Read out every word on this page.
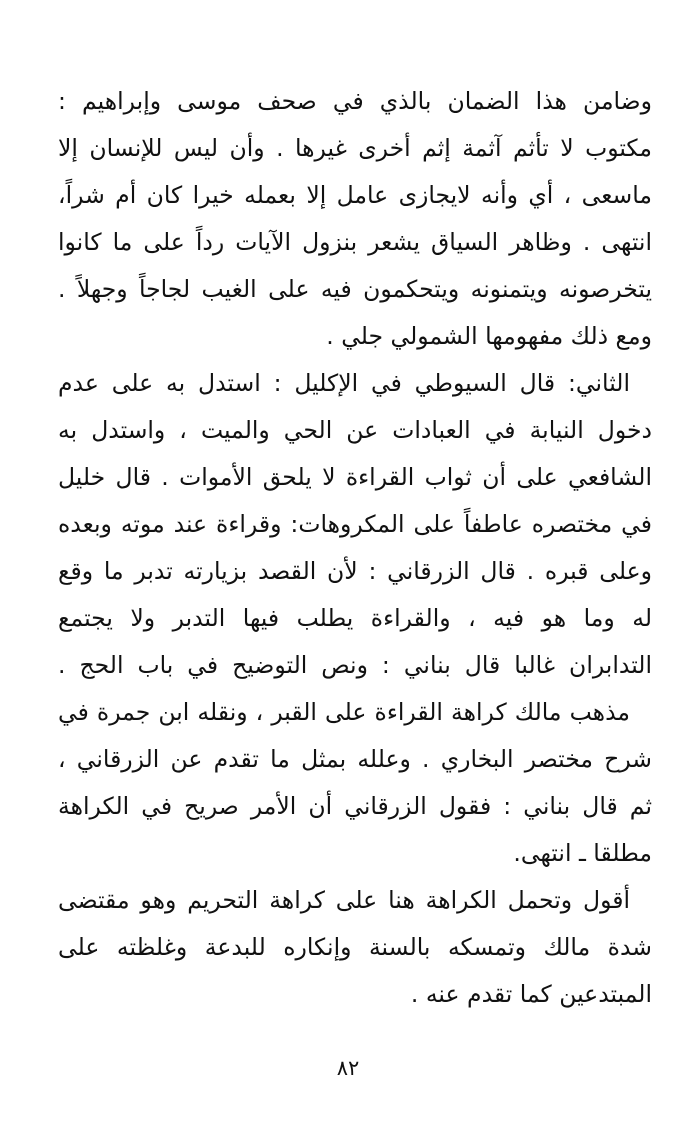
وضامن هذا الضمان بالذي في صحف موسى وإبراهيم :
مكتوب لا تأثم آثمة إثم أخرى غيرها . وأن ليس للإنسان إلا
ماسعى ، أي وأنه لايجازى عامل إلا بعمله خيرا كان أم شراً،
انتهى . وظاهر السياق يشعر بنزول الآيات رداً على ما كانوا
يتخرصونه ويتمنونه ويتحكمون فيه على الغيب لجاجاً وجهلاً .
ومع ذلك مفهومها الشمولي جلي .
الثاني: قال السيوطي في الإكليل : استدل به على عدم
دخول النيابة في العبادات عن الحي والميت ، واستدل به
الشافعي على أن ثواب القراءة لا يلحق الأموات . قال خليل
في مختصره عاطفاً على المكروهات: وقراءة عند موته وبعده
وعلى قبره . قال الزرقاني : لأن القصد بزيارته تدبر ما وقع
له وما هو فيه ، والقراءة يطلب فيها التدبر ولا يجتمع
التدابران غالبا قال بناني : ونص التوضيح في باب الحج .
مذهب مالك كراهة القراءة على القبر ، ونقله ابن جمرة في
شرح مختصر البخاري . وعلله بمثل ما تقدم عن الزرقاني ،
ثم قال بناني : فقول الزرقاني أن الأمر صريح في الكراهة
مطلقا ـ انتهى.
أقول وتحمل الكراهة هنا على كراهة التحريم وهو مقتضى
شدة مالك وتمسكه بالسنة وإنكاره للبدعة وغلظته على
المبتدعين كما تقدم عنه .
٨٢
